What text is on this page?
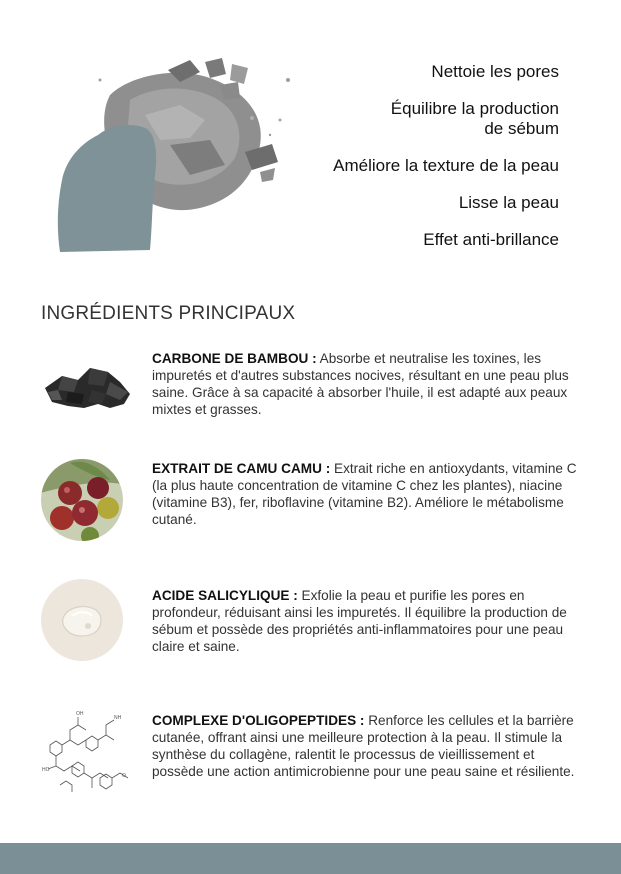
Nettoie les pores

Équilibre la production
de sébum

Améliore la texture de la peau

Lisse la peau

Effet anti-brillance

INGRÉDIENTS PRINCIPAUX
CARBONE DE BAMBOU : Absorbe et neutralise les toxines, les impuretés et d'autres substances nocives, résultant en une peau plus saine. Grâce à sa capacité à absorber l'huile, il est adapté aux peaux mixtes et grasses.
EXTRAIT DE CAMU CAMU : Extrait riche en antioxydants, vitamine C (la plus haute concentration de vitamine C chez les plantes), niacine (vitamine B3), fer, riboflavine (vitamine B2). Améliore le métabolisme cutané.
ACIDE SALICYLIQUE : Exfolie la peau et purifie les pores en profondeur, réduisant ainsi les impuretés. Il équilibre la production de sébum et possède des propriétés anti-inflammatoires pour une peau claire et saine.
OH
NH
O
HO
COMPLEXE D'OLIGOPEPTIDES : Renforce les cellules et la barrière cutanée, offrant ainsi une meilleure protection à la peau. Il stimule la synthèse du collagène, ralentit le processus de vieillissement et possède une action antimicrobienne pour une peau saine et résiliente.
